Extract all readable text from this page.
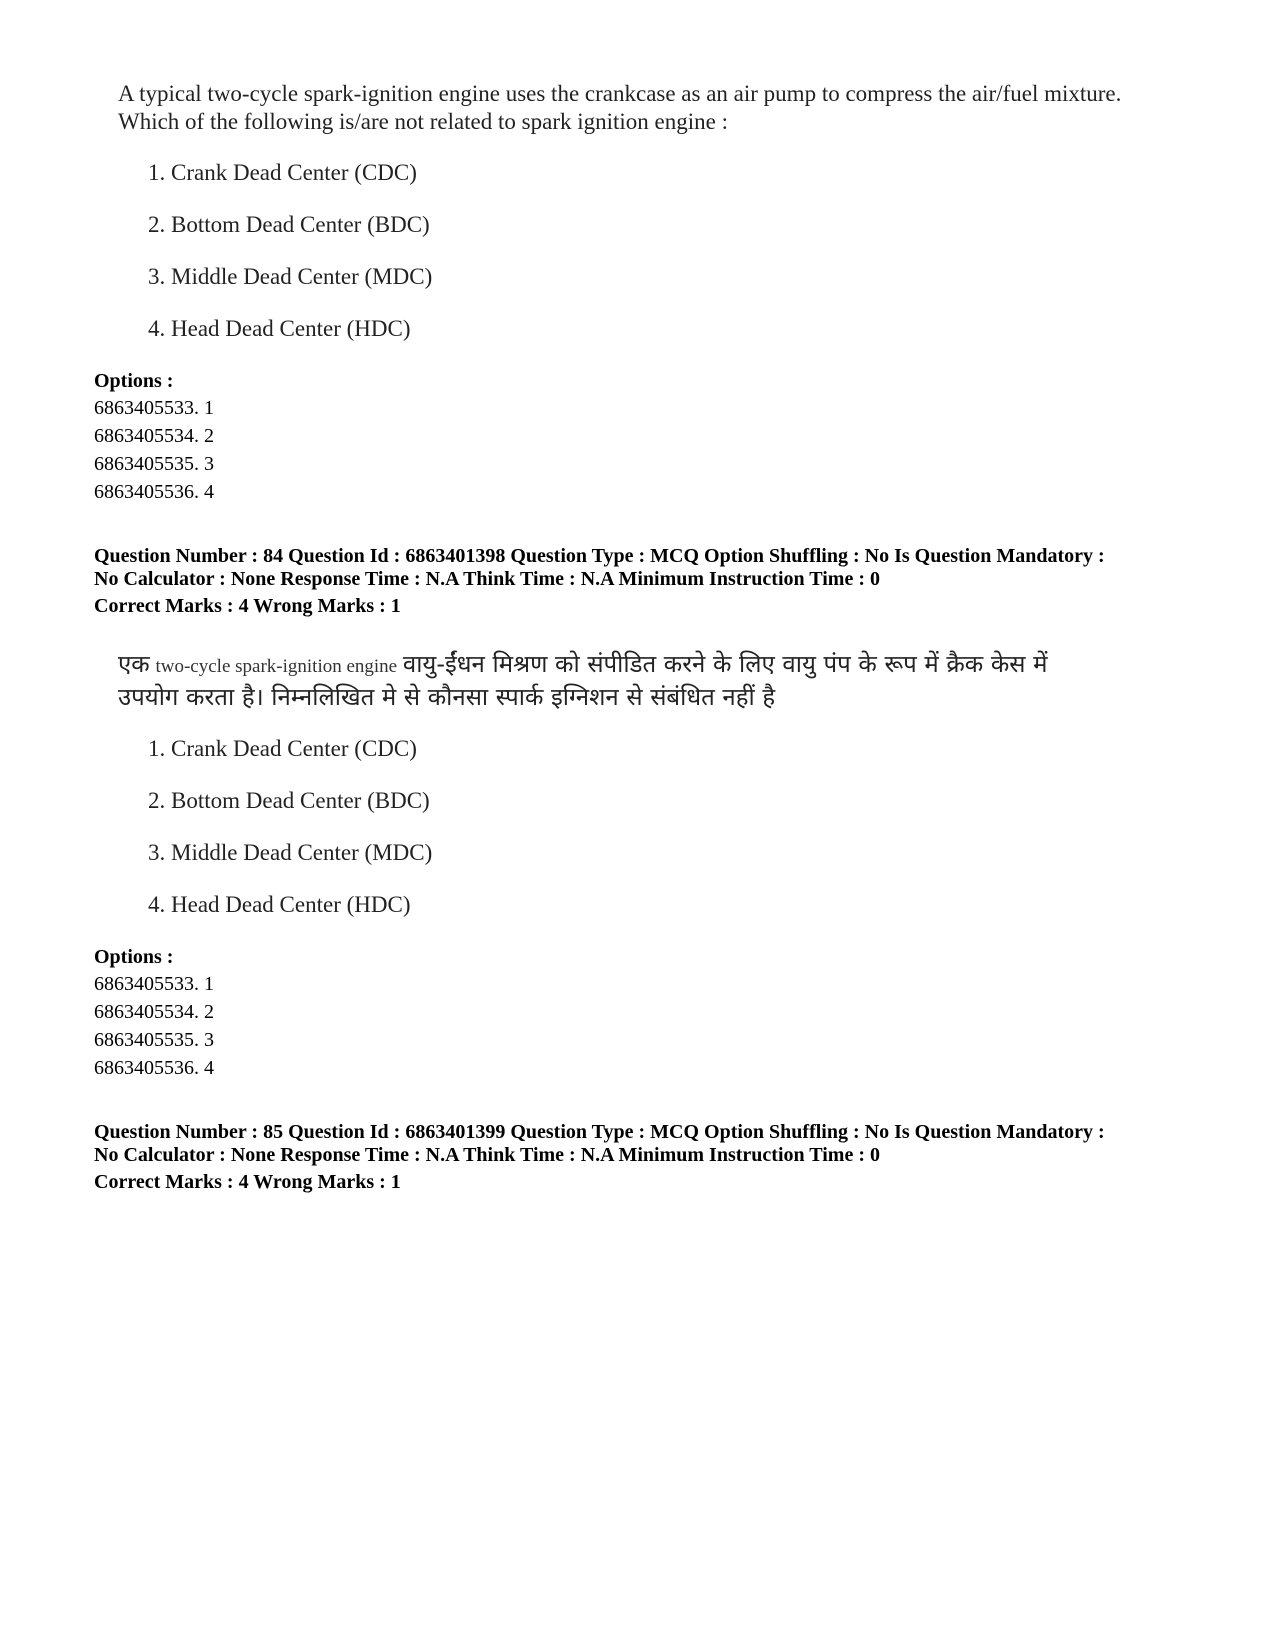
A typical two-cycle spark-ignition engine uses the crankcase as an air pump to compress the air/fuel mixture.
Which of the following is/are not related to spark ignition engine :
1. Crank Dead Center (CDC)
2. Bottom Dead Center (BDC)
3. Middle Dead Center (MDC)
4. Head Dead Center (HDC)
Options :
6863405533. 1
6863405534. 2
6863405535. 3
6863405536. 4
Question Number : 84 Question Id : 6863401398 Question Type : MCQ Option Shuffling : No Is Question Mandatory :
No Calculator : None Response Time : N.A Think Time : N.A Minimum Instruction Time : 0
Correct Marks : 4 Wrong Marks : 1
एक two-cycle spark-ignition engine वायु-ईंधन मिश्रण को संपीडित करने के लिए वायु पंप के रूप में क्रैक केस में
उपयोग करता है। निम्नलिखित मे से कौनसा स्पार्क इग्निशन से संबंधित नहीं है
1. Crank Dead Center (CDC)
2. Bottom Dead Center (BDC)
3. Middle Dead Center (MDC)
4. Head Dead Center (HDC)
Options :
6863405533. 1
6863405534. 2
6863405535. 3
6863405536. 4
Question Number : 85 Question Id : 6863401399 Question Type : MCQ Option Shuffling : No Is Question Mandatory :
No Calculator : None Response Time : N.A Think Time : N.A Minimum Instruction Time : 0
Correct Marks : 4 Wrong Marks : 1
